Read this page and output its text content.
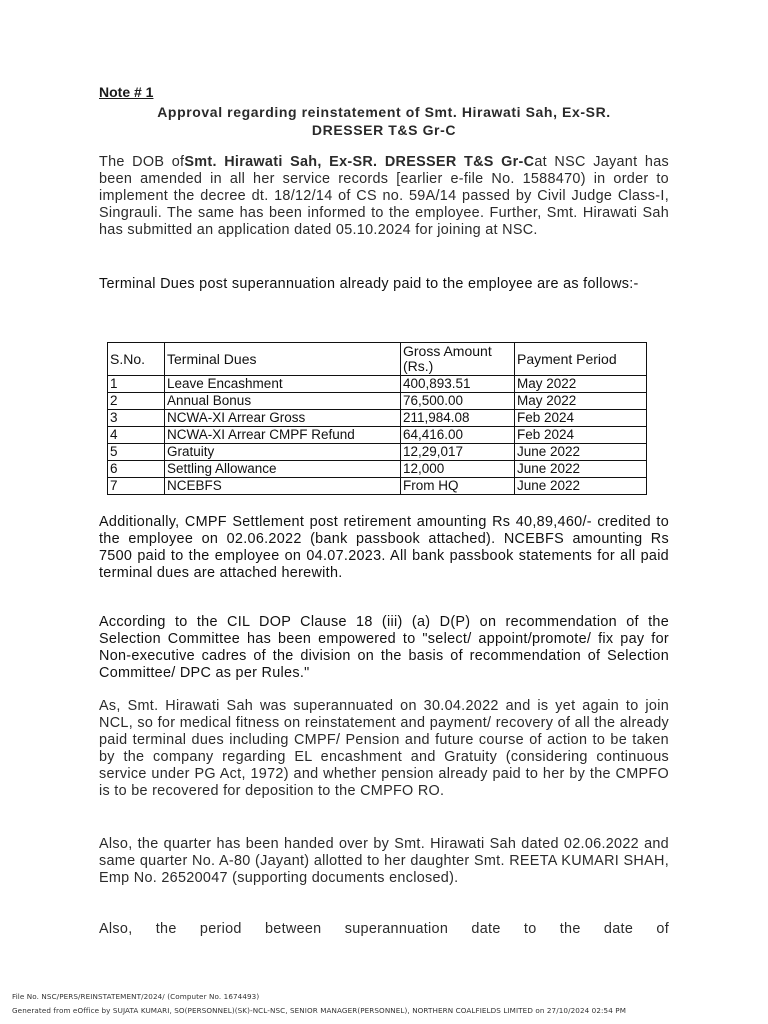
Note # 1
Approval regarding reinstatement of Smt. Hirawati Sah, Ex-SR.
DRESSER T&S Gr-C
The DOB ofSmt. Hirawati Sah, Ex-SR. DRESSER T&S Gr-Cat NSC Jayant has been amended in all her service records [earlier e-file No. 1588470) in order to implement the decree dt. 18/12/14 of CS no. 59A/14 passed by Civil Judge Class-I, Singrauli. The same has been informed to the employee. Further, Smt. Hirawati Sah has submitted an application dated 05.10.2024 for joining at NSC.
Terminal Dues post superannuation already paid to the employee are as follows:-
S.No.	Terminal Dues	Gross Amount (Rs.)	Payment Period
1	Leave Encashment	400,893.51	May 2022
2	Annual Bonus	76,500.00	May 2022
3	NCWA-XI Arrear Gross	211,984.08	Feb 2024
4	NCWA-XI Arrear CMPF Refund	64,416.00	Feb 2024
5	Gratuity	12,29,017	June 2022
6	Settling Allowance	12,000	June 2022
7	NCEBFS	From HQ	June 2022
Additionally, CMPF Settlement post retirement amounting Rs 40,89,460/- credited to the employee on 02.06.2022 (bank passbook attached). NCEBFS amounting Rs 7500 paid to the employee on 04.07.2023. All bank passbook statements for all paid terminal dues are attached herewith.
According to the CIL DOP Clause 18 (iii) (a) D(P) on recommendation of the Selection Committee has been empowered to "select/ appoint/promote/ fix pay for Non-executive cadres of the division on the basis of recommendation of Selection Committee/ DPC as per Rules."
As, Smt. Hirawati Sah was superannuated on 30.04.2022 and is yet again to join NCL, so for medical fitness on reinstatement and payment/ recovery of all the already paid terminal dues including CMPF/ Pension and future course of action to be taken by the company regarding EL encashment and Gratuity (considering continuous service under PG Act, 1972) and whether pension already paid to her by the CMPFO is to be recovered for deposition to the CMPFO RO.
Also, the quarter has been handed over by Smt. Hirawati Sah dated 02.06.2022 and same quarter No. A-80 (Jayant) allotted to her daughter Smt. REETA KUMARI SHAH, Emp No. 26520047 (supporting documents enclosed).
Also, the period between superannuation date to the date of
File No. NSC/PERS/REINSTATEMENT/2024/ (Computer No. 1674493)
Generated from eOffice by SUJATA KUMARI, SO(PERSONNEL)(SK)-NCL-NSC, SENIOR MANAGER(PERSONNEL), NORTHERN COALFIELDS LIMITED on 27/10/2024 02:54 PM
